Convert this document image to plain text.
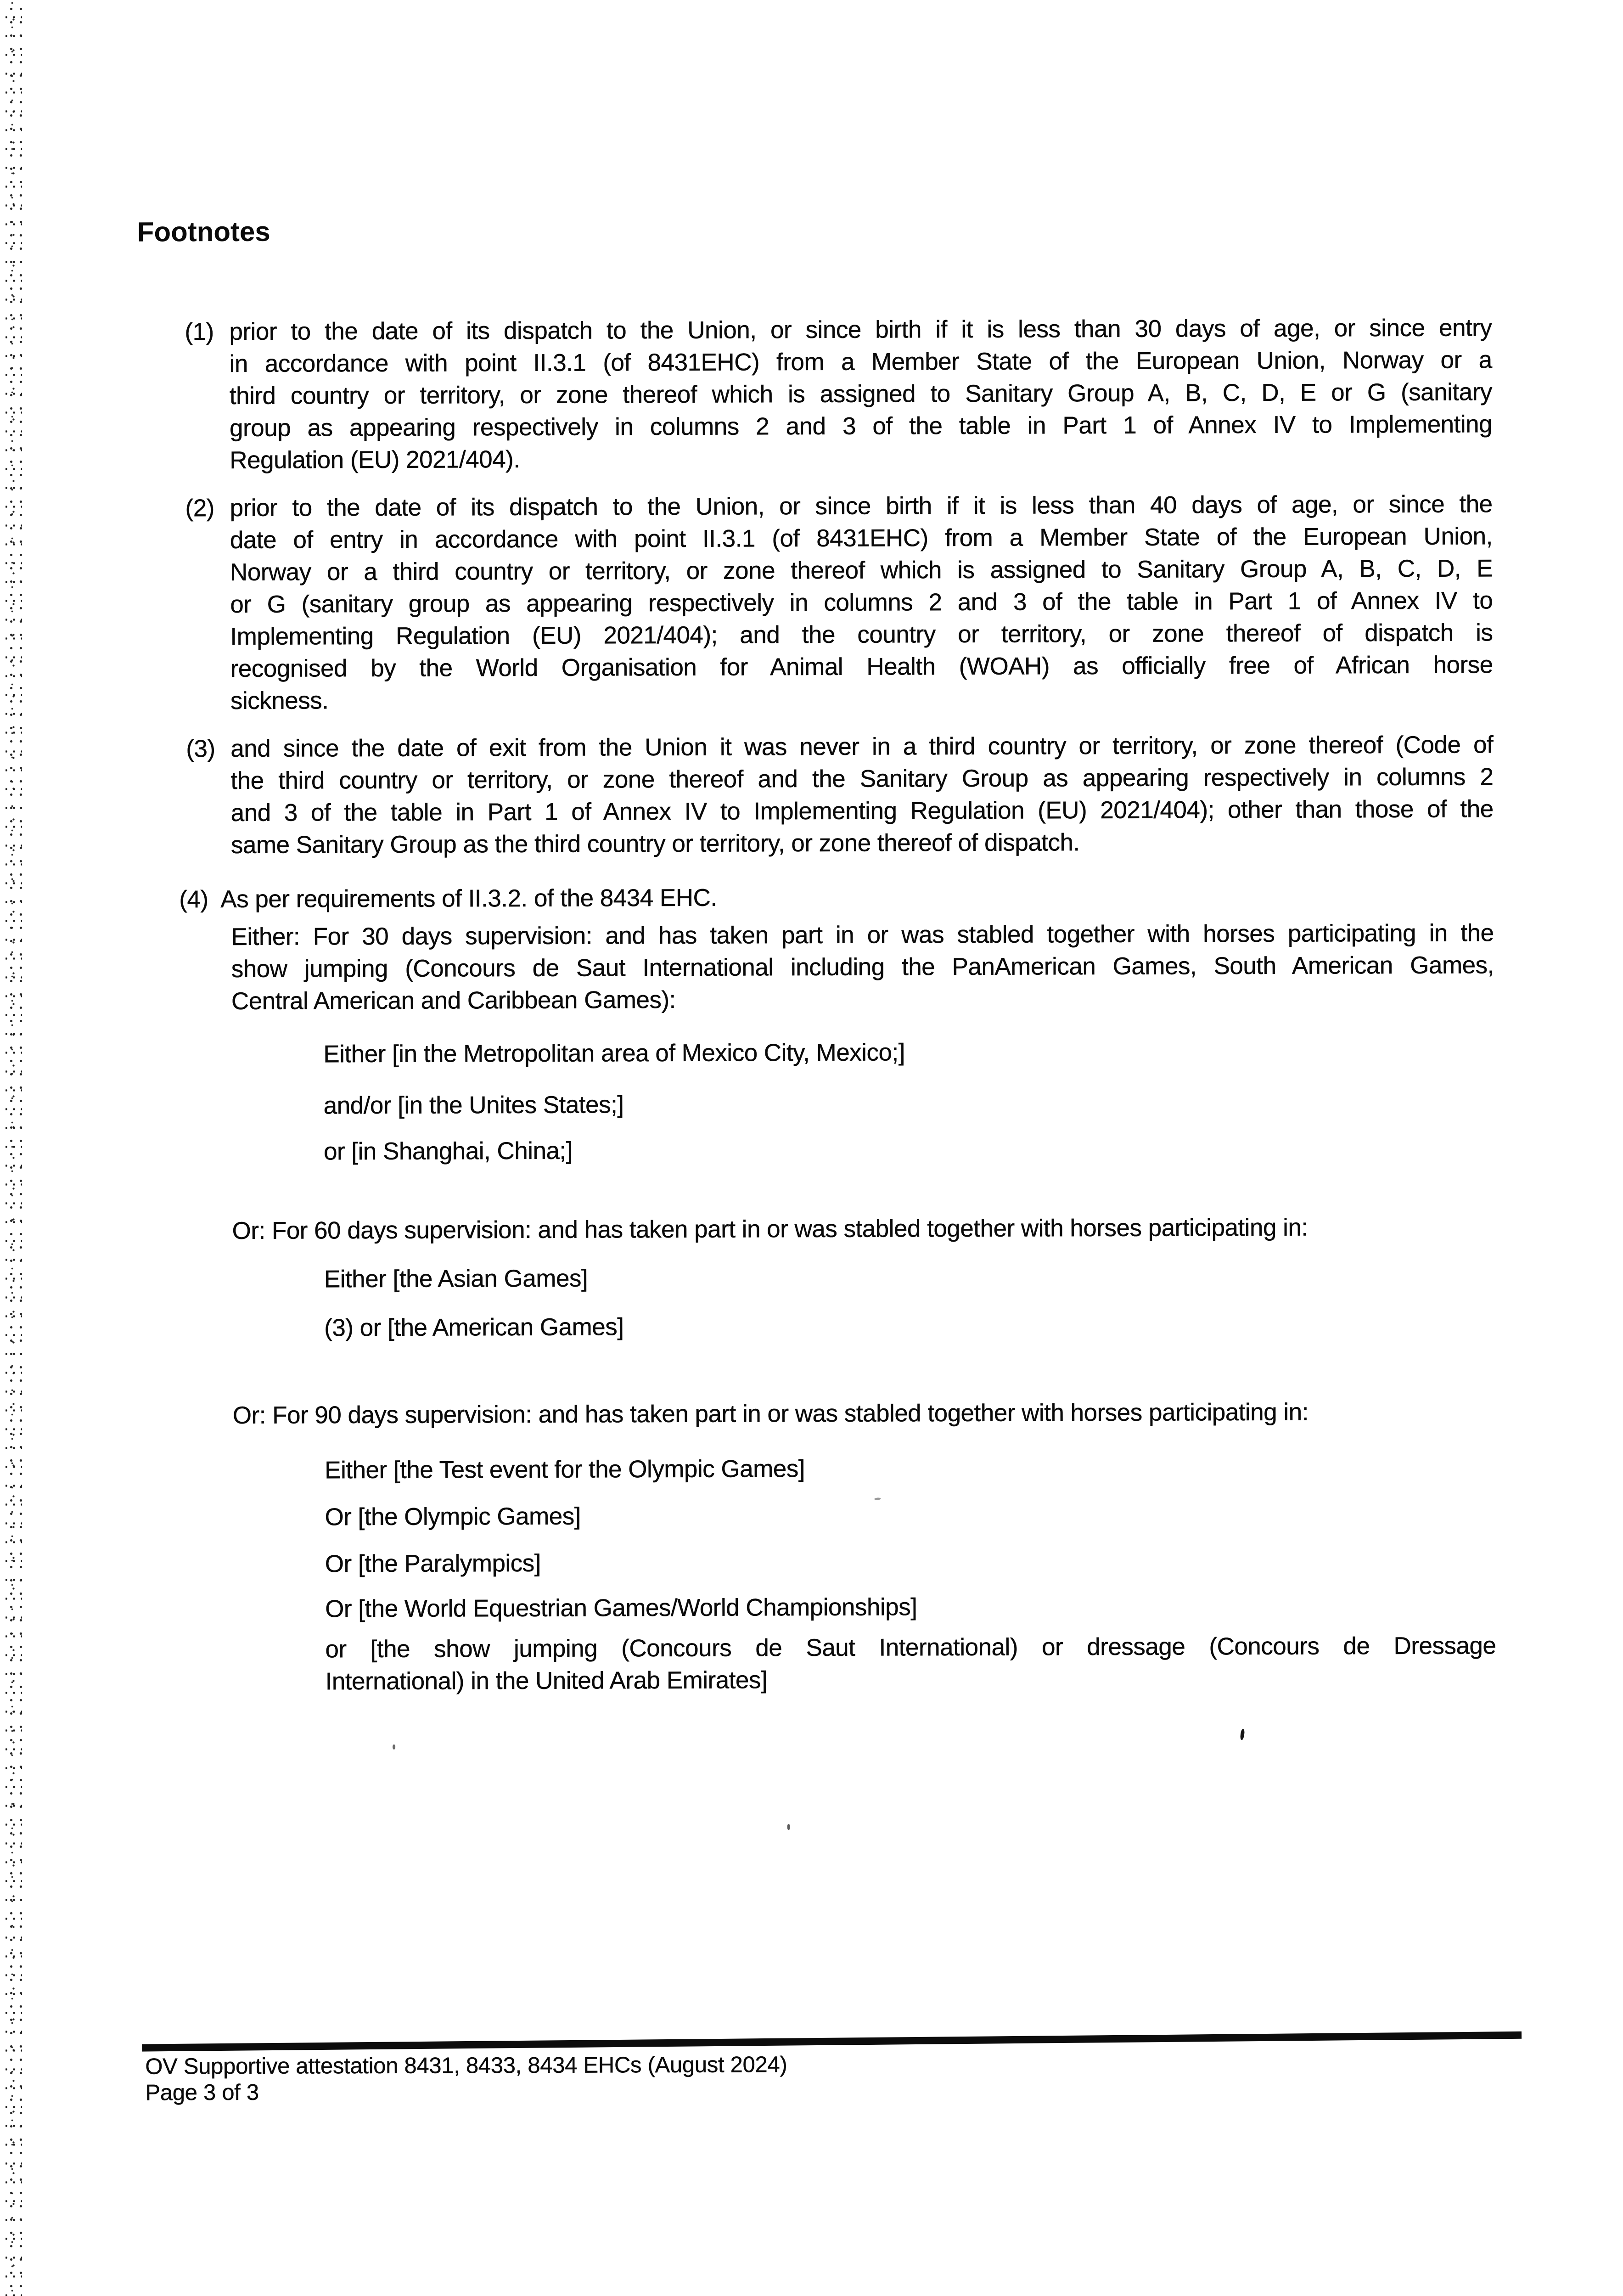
Footnotes
(1) prior to the date of its dispatch to the Union, or since birth if it is less than 30 days of age, or since entry
in accordance with point II.3.1 (of 8431EHC) from a Member State of the European Union, Norway or a
third country or territory, or zone thereof which is assigned to Sanitary Group A, B, C, D, E or G (sanitary
group as appearing respectively in columns 2 and 3 of the table in Part 1 of Annex IV to Implementing
Regulation (EU) 2021/404).
(2) prior to the date of its dispatch to the Union, or since birth if it is less than 40 days of age, or since the
date of entry in accordance with point II.3.1 (of 8431EHC) from a Member State of the European Union,
Norway or a third country or territory, or zone thereof which is assigned to Sanitary Group A, B, C, D, E
or G (sanitary group as appearing respectively in columns 2 and 3 of the table in Part 1 of Annex IV to
Implementing Regulation (EU) 2021/404); and the country or territory, or zone thereof of dispatch is
recognised by the World Organisation for Animal Health (WOAH) as officially free of African horse
sickness.
(3) and since the date of exit from the Union it was never in a third country or territory, or zone thereof (Code of
the third country or territory, or zone thereof and the Sanitary Group as appearing respectively in columns 2
and 3 of the table in Part 1 of Annex IV to Implementing Regulation (EU) 2021/404); other than those of the
same Sanitary Group as the third country or territory, or zone thereof of dispatch.
(4) As per requirements of II.3.2. of the 8434 EHC.
Either: For 30 days supervision: and has taken part in or was stabled together with horses participating in the
show jumping (Concours de Saut International including the PanAmerican Games, South American Games,
Central American and Caribbean Games):
Either [in the Metropolitan area of Mexico City, Mexico;]
and/or [in the Unites States;]
or [in Shanghai, China;]
Or: For 60 days supervision: and has taken part in or was stabled together with horses participating in:
Either [the Asian Games]
(3) or [the American Games]
Or: For 90 days supervision: and has taken part in or was stabled together with horses participating in:
Either [the Test event for the Olympic Games]
Or [the Olympic Games]
Or [the Paralympics]
Or [the World Equestrian Games/World Championships]
or [the show jumping (Concours de Saut International) or dressage (Concours de Dressage
International) in the United Arab Emirates]
OV Supportive attestation 8431, 8433, 8434 EHCs (August 2024)
Page 3 of 3
